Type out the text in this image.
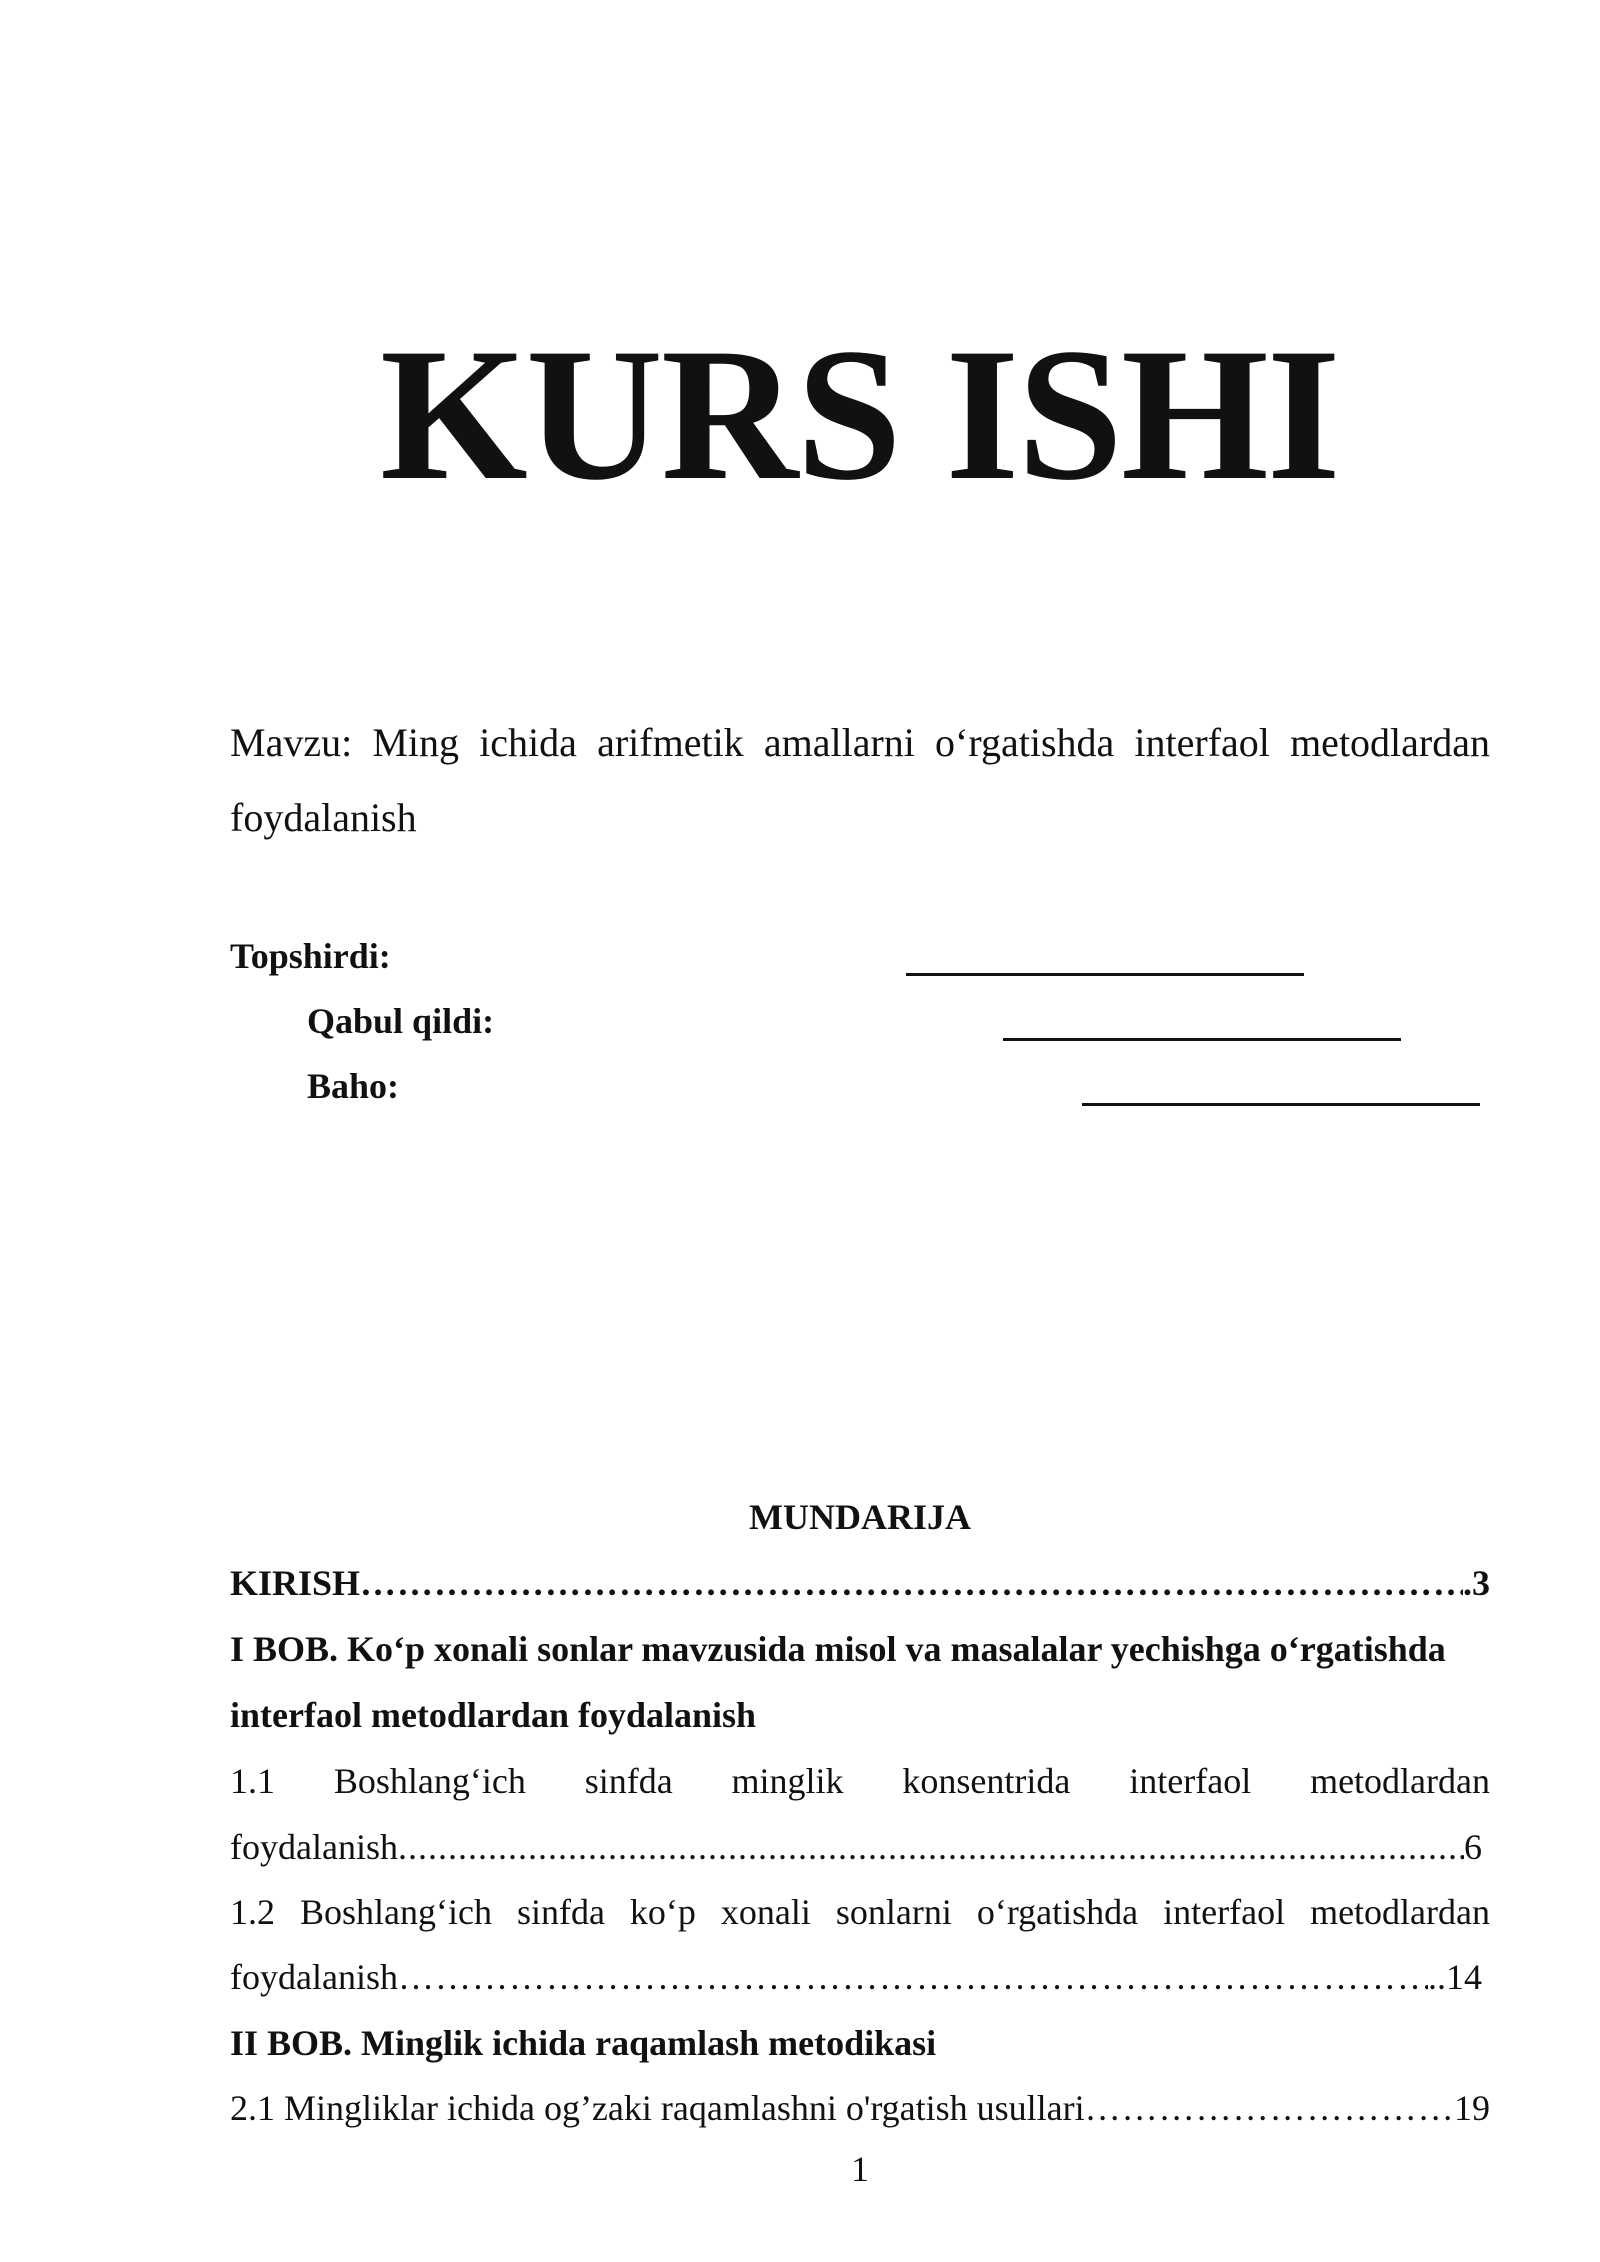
KURS ISHI
Mavzu: Ming ichida arifmetik amallarni o‘rgatishda interfaol metodlardan foydalanish
Topshirdi:
Qabul qildi:
Baho:
MUNDARIJA
KIRISH ……………………………………………………………………………………………………………………………………………………………………………………	.3
I BOB. Ko‘p xonali sonlar mavzusida misol va masalalar yechishga o‘rgatishda
interfaol metodlardan foydalanish
1.1 Boshlang‘ich sinfda minglik konsentrida interfaol metodlardan
foydalanish .....	6
1.2 Boshlang‘ich sinfda ko‘p xonali sonlarni o‘rgatishda interfaol metodlardan
foydalanish ……………………………………………………………………………………………………………………………………………………………………………………	..14
II BOB. Minglik ichida raqamlash metodikasi
2.1 Mingliklar ichida og’zaki raqamlashni o'rgatish usullari ……………………………………………………………………………………………………………………………………………………………………………………	19
1
